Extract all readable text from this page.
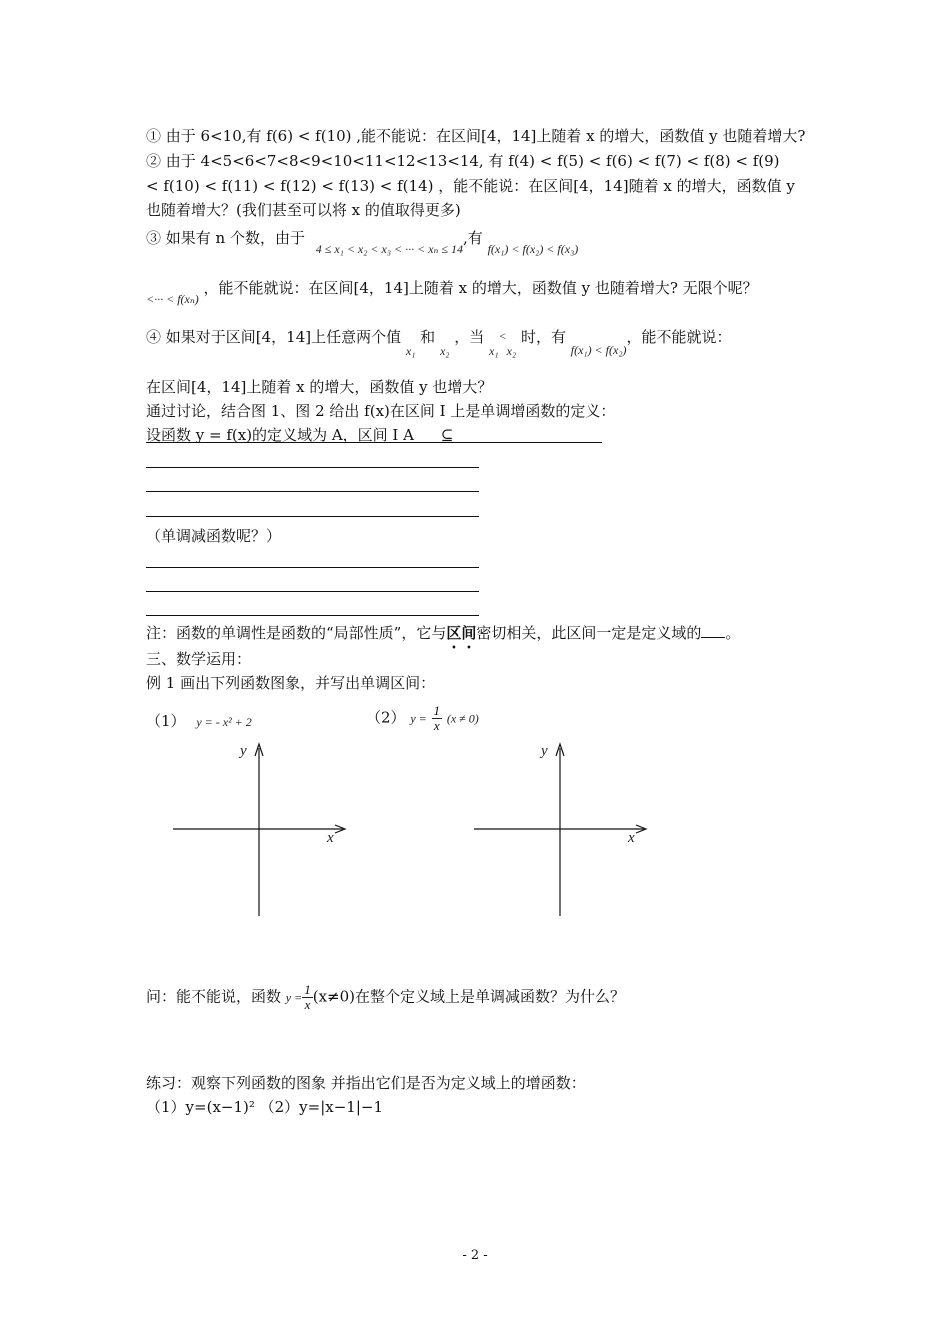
① 由于 6<10,有 f(6) < f(10) ,能不能说：在区间[4，14]上随着 x 的增大，函数值 y 也随着增大?
② 由于 4<5<6<7<8<9<10<11<12<13<14, 有 f(4) < f(5) < f(6) < f(7) < f(8) < f(9)
< f(10) < f(11) < f(12) < f(13) < f(14) ，能不能说：在区间[4，14]随着 x 的增大，函数值 y
也随着增大？(我们甚至可以将 x 的值取得更多)
③ 如果有 n 个数，由于 $_{4 \le x_1 < x_2 < x_3 < \cdot\cdot\cdot < x_n \le 14}$,有 $_{f(x_1) < f(x_2) < f(x_3)}$
$_{<\cdot\cdot\cdot < f(x_n)}$ ，能不能就说：在区间[4，14]上随着 x 的增大，函数值 y 也随着增大? 无限个呢？
④ 如果对于区间[4，14]上任意两个值 $_{x_1}$ 和 $_{x_2}$ ，当 $_{x_1}<_{x_2}$ 时，有 $_{f(x_1) < f(x_2)}$，能不能就说：
在区间[4，14]上随着 x 的增大，函数值 y 也增大？
通过讨论，结合图 1、图 2 给出 f(x)在区间 I 上是单调增函数的定义：
设函数 y = f(x)的定义域为 A，区间 I A ⊆
（单调减函数呢？）
注：函数的单调性是函数的“局部性质”，它与区间密切相关，此区间一定是定义域的 。
三、数学运用：
例 1 画出下列函数图象，并写出单调区间：
（1） y = - x² + 2	（2） $y = \frac{1}{x} (x \ne 0)$
y
x
y
x
问：能不能说，函数 $y = \frac{1}{x} (x\ne 0)$在整个定义域上是单调减函数？为什么？
练习：观察下列函数的图象 并指出它们是否为定义域上的增函数：
（1）y=(x−1)² （2）y=|x−1|−1
- 2 -
